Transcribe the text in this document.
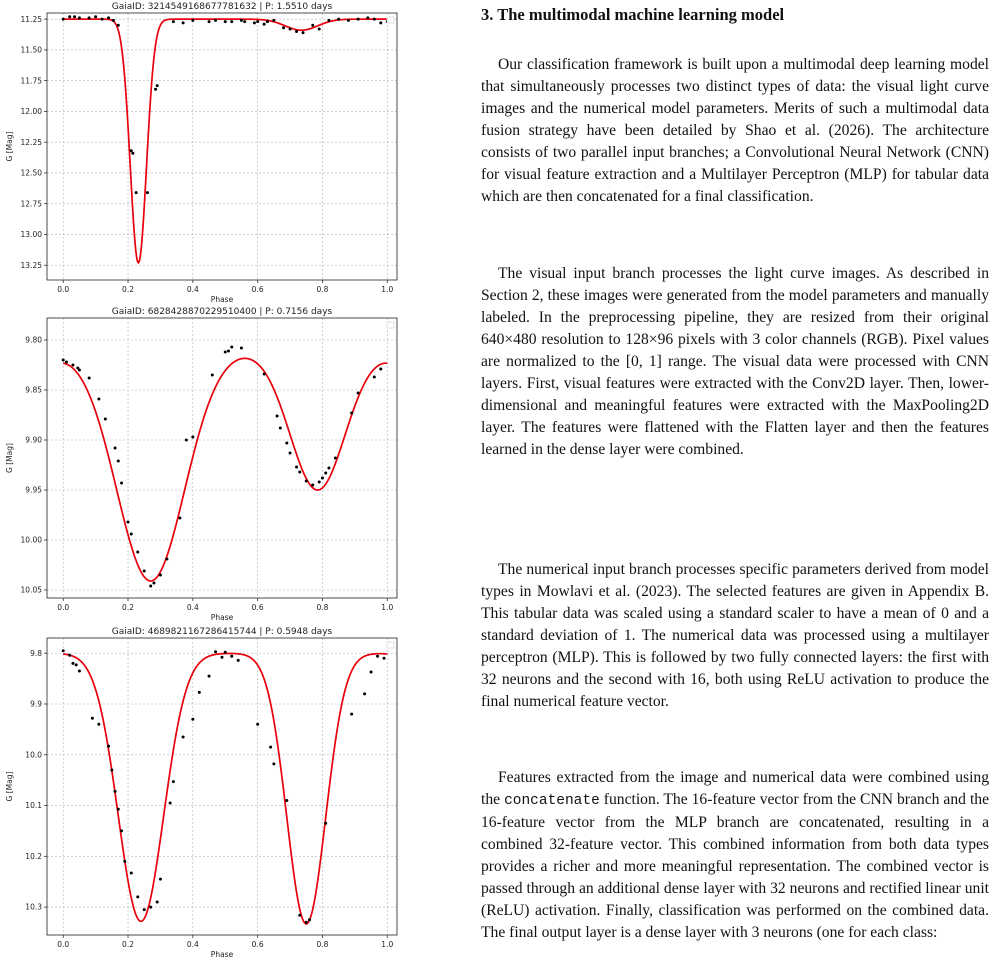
0.0	0.2	0.4	0.6	0.8	1.0
11.25
11.50
11.75
12.00
12.25
12.50
12.75
13.00
13.25
GaiaID: 3214549168677781632 | P: 1.5510 days
Phase
G [Mag]
0.0	0.2	0.4	0.6	0.8	1.0
9.80
9.85
9.90
9.95
10.00
10.05
GaiaID: 6828428870229510400 | P: 0.7156 days
Phase
G [Mag]
0.0	0.2	0.4	0.6	0.8	1.0
9.8
9.9
10.0
10.1
10.2
10.3
GaiaID: 4689821167286415744 | P: 0.5948 days
Phase
G [Mag]
3. The multimodal machine learning model

Our classification framework is built upon a multimodal deep learning model that simultaneously processes two distinct types of data: the visual light curve images and the numerical model parameters. Merits of such a multimodal data fusion strategy have been detailed by Shao et al. (2026). The architecture consists of two parallel input branches; a Convolutional Neural Network (CNN) for visual feature extraction and a Multilayer Perceptron (MLP) for tabular data which are then concatenated for a final classification.

The visual input branch processes the light curve images. As described in Section 2, these images were generated from the model parameters and manually labeled. In the preprocessing pipeline, they are resized from their original 640×480 resolution to 128×96 pixels with 3 color channels (RGB). Pixel values are normalized to the [0, 1] range. The visual data were processed with CNN layers. First, visual features were extracted with the Conv2D layer. Then, lower-dimensional and meaningful features were extracted with the MaxPooling2D layer. The features were flattened with the Flatten layer and then the features learned in the dense layer were combined.

The numerical input branch processes specific parameters derived from model types in Mowlavi et al. (2023). The selected features are given in Appendix B. This tabular data was scaled using a standard scaler to have a mean of 0 and a standard deviation of 1. The numerical data was processed using a multilayer perceptron (MLP). This is followed by two fully connected layers: the first with 32 neurons and the second with 16, both using ReLU activation to produce the final numerical feature vector.

Features extracted from the image and numerical data were combined using the concatenate function. The 16-feature vector from the CNN branch and the 16-feature vector from the MLP branch are concatenated, resulting in a combined 32-feature vector. This combined information from both data types provides a richer and more meaningful representation. The combined vector is passed through an additional dense layer with 32 neurons and rectified linear unit (ReLU) activation. Finally, classification was performed on the combined data. The final output layer is a dense layer with 3 neurons (one for each class:
